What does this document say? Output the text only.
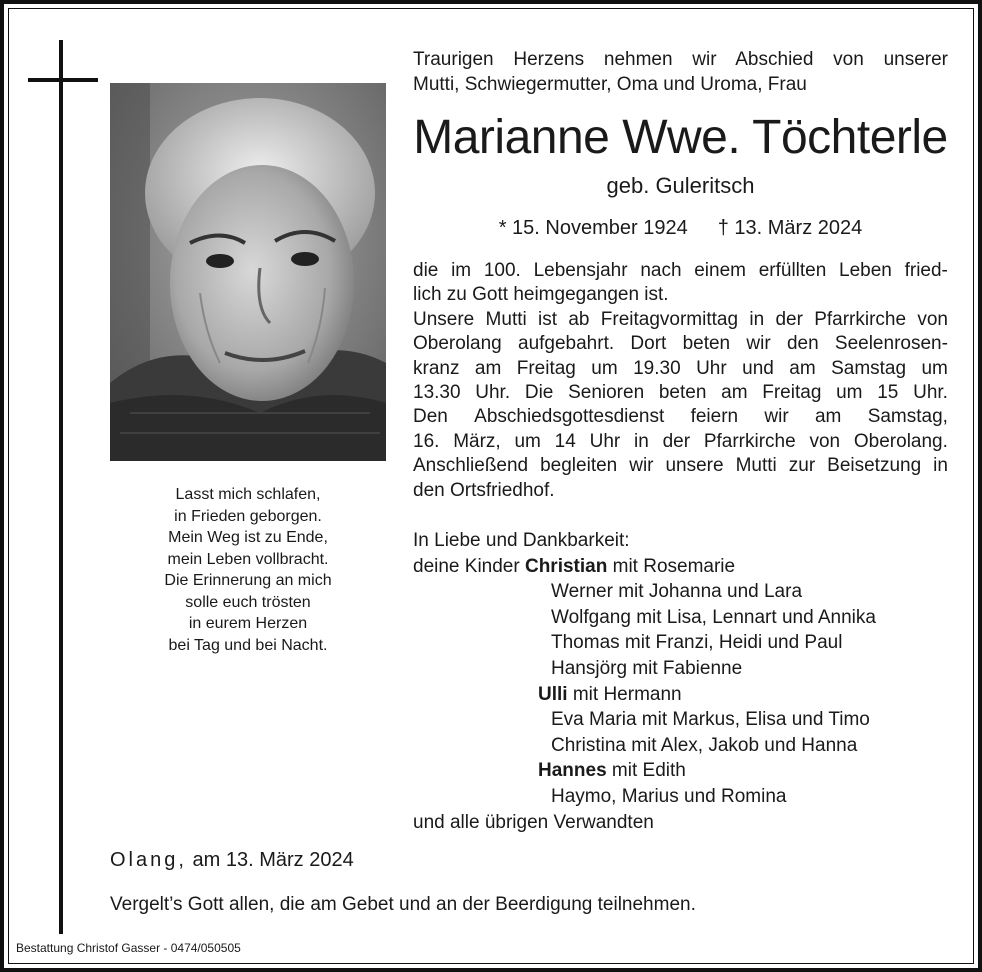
Lasst mich schlafen,
in Frieden geborgen.
Mein Weg ist zu Ende,
mein Leben vollbracht.
Die Erinnerung an mich
solle euch trösten
in eurem Herzen
bei Tag und bei Nacht.
Traurigen Herzens nehmen wir Abschied von unserer
Mutti, Schwiegermutter, Oma und Uroma, Frau
Marianne Wwe. Töchterle
geb. Guleritsch
* 15. November 1924 † 13. März 2024
die im 100. Lebensjahr nach einem erfüllten Leben fried-
lich zu Gott heimgegangen ist.
Unsere Mutti ist ab Freitagvormittag in der Pfarrkirche von
Oberolang aufgebahrt. Dort beten wir den Seelenrosen-
kranz am Freitag um 19.30 Uhr und am Samstag um
13.30 Uhr. Die Senioren beten am Freitag um 15 Uhr.
Den Abschiedsgottesdienst feiern wir am Samstag,
16. März, um 14 Uhr in der Pfarrkirche von Oberolang.
Anschließend begleiten wir unsere Mutti zur Beisetzung in
den Ortsfriedhof.
In Liebe und Dankbarkeit:
deine Kinder Christian mit Rosemarie
Werner mit Johanna und Lara
Wolfgang mit Lisa, Lennart und Annika
Thomas mit Franzi, Heidi und Paul
Hansjörg mit Fabienne
Ulli mit Hermann
Eva Maria mit Markus, Elisa und Timo
Christina mit Alex, Jakob und Hanna
Hannes mit Edith
Haymo, Marius und Romina
und alle übrigen Verwandten
Olang, am 13. März 2024
Vergelt’s Gott allen, die am Gebet und an der Beerdigung teilnehmen.
Bestattung Christof Gasser - 0474/050505
